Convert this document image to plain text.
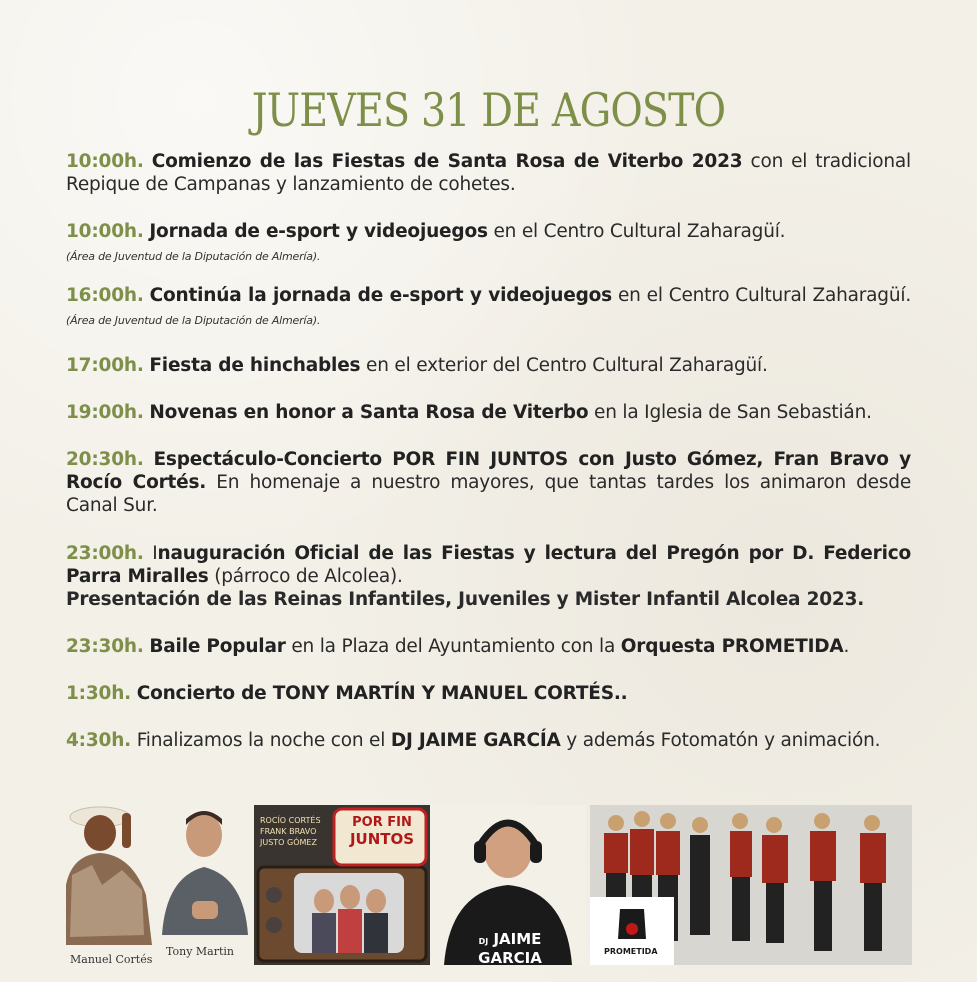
JUEVES 31 DE AGOSTO

10:00h. Comienzo de las Fiestas de Santa Rosa de Viterbo 2023 con el tradicional Repique de Campanas y lanzamiento de cohetes.

10:00h. Jornada de e-sport y videojuegos en el Centro Cultural Zaharagüí.
(Área de Juventud de la Diputación de Almería).

16:00h. Continúa la jornada de e-sport y videojuegos en el Centro Cultural Zaharagüí. (Área de Juventud de la Diputación de Almería).

17:00h. Fiesta de hinchables en el exterior del Centro Cultural Zaharagüí.

19:00h. Novenas en honor a Santa Rosa de Viterbo en la Iglesia de San Sebastián.

20:30h. Espectáculo-Concierto POR FIN JUNTOS con Justo Gómez, Fran Bravo y Rocío Cortés. En homenaje a nuestro mayores, que tantas tardes los animaron desde Canal Sur.

23:00h. Inauguración Oficial de las Fiestas y lectura del Pregón por D. Federico Parra Miralles (párroco de Alcolea).
Presentación de las Reinas Infantiles, Juveniles y Mister Infantil Alcolea 2023.

23:30h. Baile Popular en la Plaza del Ayuntamiento con la Orquesta PROMETIDA.

1:30h. Concierto de TONY MARTÍN Y MANUEL CORTÉS..

4:30h. Finalizamos la noche con el DJ JAIME GARCÍA y además Fotomatón y animación.

Manuel Cortés
Tony Martin
ROCÍO CORTÉS
FRANK BRAVO
JUSTO GÓMEZ
POR FIN
JUNTOS
DJ JAIME
GARCIA	PROMETIDA
